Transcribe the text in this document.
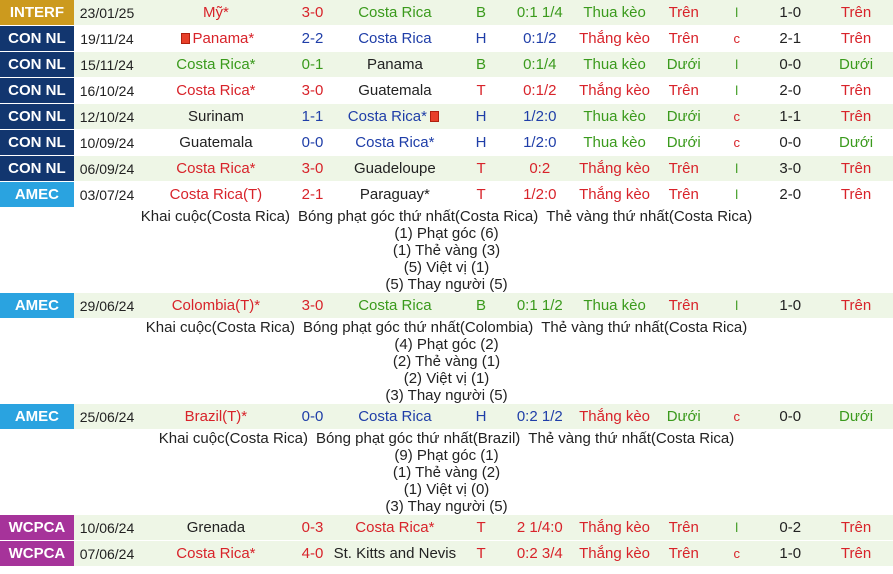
INTERF	23/01/25	Mỹ*	3-0	Costa Rica	B	0:1 1/4	Thua kèo	Trên	l	1-0	Trên
CON NL	19/11/24	Panama*	2-2	Costa Rica	H	0:1/2	Thắng kèo	Trên	c	2-1	Trên
CON NL	15/11/24	Costa Rica*	0-1	Panama	B	0:1/4	Thua kèo	Dưới	l	0-0	Dưới
CON NL	16/10/24	Costa Rica*	3-0	Guatemala	T	0:1/2	Thắng kèo	Trên	l	2-0	Trên
CON NL	12/10/24	Surinam	1-1	Costa Rica*	H	1/2:0	Thua kèo	Dưới	c	1-1	Trên
CON NL	10/09/24	Guatemala	0-0	Costa Rica*	H	1/2:0	Thua kèo	Dưới	c	0-0	Dưới
CON NL	06/09/24	Costa Rica*	3-0	Guadeloupe	T	0:2	Thắng kèo	Trên	l	3-0	Trên
AMEC	03/07/24	Costa Rica(T)	2-1	Paraguay*	T	1/2:0	Thắng kèo	Trên	l	2-0	Trên
Khai cuộc(Costa Rica) Bóng phạt góc thứ nhất(Costa Rica) Thẻ vàng thứ nhất(Costa Rica)
(1) Phạt góc (6)
(1) Thẻ vàng (3)
(5) Việt vị (1)
(5) Thay người (5)
AMEC	29/06/24	Colombia(T)*	3-0	Costa Rica	B	0:1 1/2	Thua kèo	Trên	l	1-0	Trên
Khai cuộc(Costa Rica) Bóng phạt góc thứ nhất(Colombia) Thẻ vàng thứ nhất(Costa Rica)
(4) Phạt góc (2)
(2) Thẻ vàng (1)
(2) Việt vị (1)
(3) Thay người (5)
AMEC	25/06/24	Brazil(T)*	0-0	Costa Rica	H	0:2 1/2	Thắng kèo	Dưới	c	0-0	Dưới
Khai cuộc(Costa Rica) Bóng phạt góc thứ nhất(Brazil) Thẻ vàng thứ nhất(Costa Rica)
(9) Phạt góc (1)
(1) Thẻ vàng (2)
(1) Việt vị (0)
(3) Thay người (5)
WCPCA	10/06/24	Grenada	0-3	Costa Rica*	T	2 1/4:0	Thắng kèo	Trên	l	0-2	Trên
WCPCA	07/06/24	Costa Rica*	4-0 St. Kitts and Nevis	T	0:2 3/4	Thắng kèo	Trên	c	1-0	Trên
